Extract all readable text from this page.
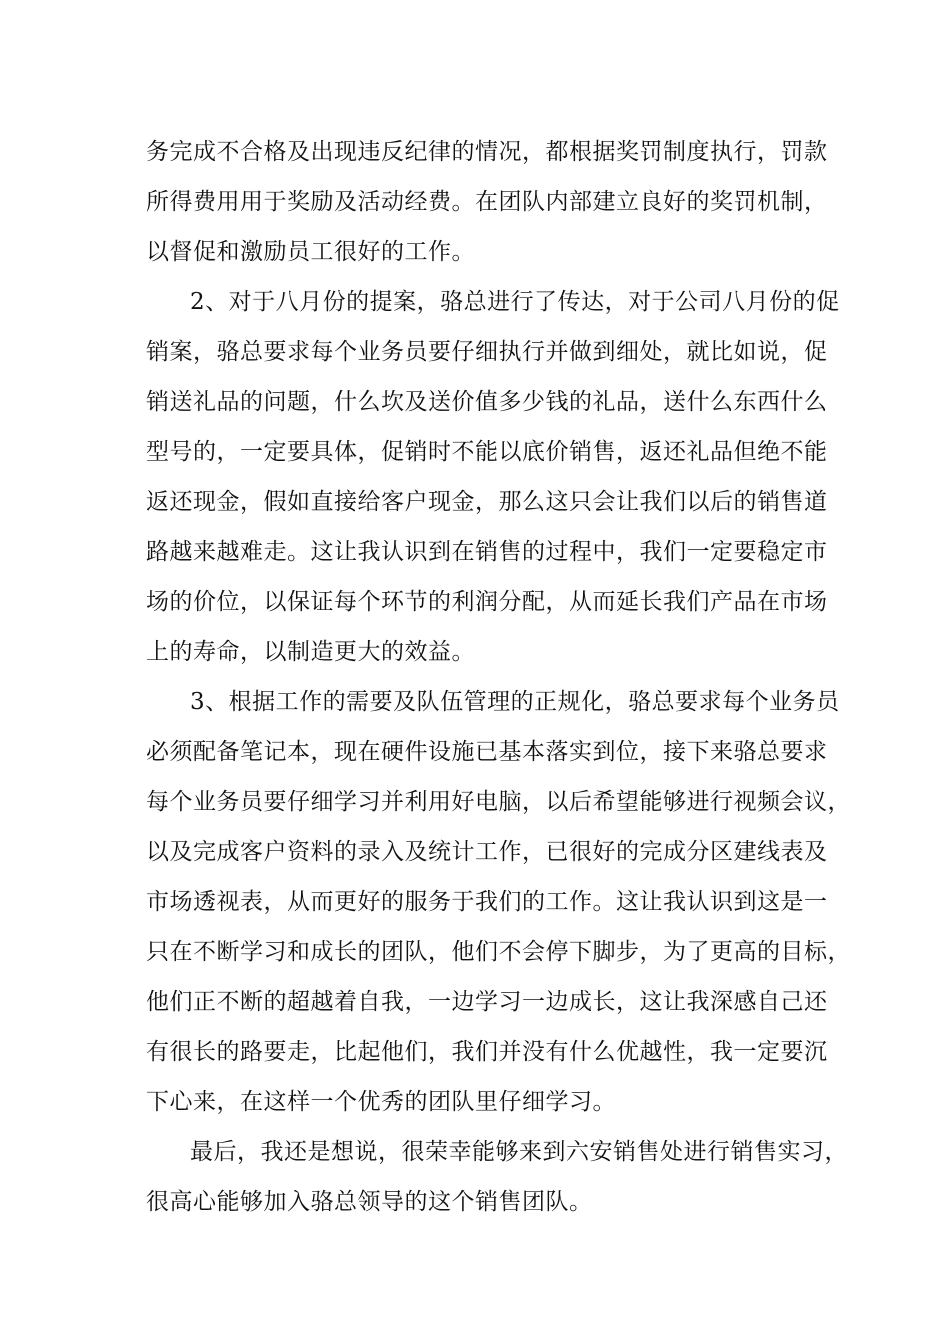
务完成不合格及出现违反纪律的情况，都根据奖罚制度执行，罚款
所得费用用于奖励及活动经费。在团队内部建立良好的奖罚机制，
以督促和激励员工很好的工作。
2、对于八月份的提案，骆总进行了传达，对于公司八月份的促
销案，骆总要求每个业务员要仔细执行并做到细处，就比如说，促
销送礼品的问题，什么坎及送价值多少钱的礼品，送什么东西什么
型号的，一定要具体，促销时不能以底价销售，返还礼品但绝不能
返还现金，假如直接给客户现金，那么这只会让我们以后的销售道
路越来越难走。这让我认识到在销售的过程中，我们一定要稳定市
场的价位，以保证每个环节的利润分配，从而延长我们产品在市场
上的寿命，以制造更大的效益。
3、根据工作的需要及队伍管理的正规化，骆总要求每个业务员
必须配备笔记本，现在硬件设施已基本落实到位，接下来骆总要求
每个业务员要仔细学习并利用好电脑，以后希望能够进行视频会议，
以及完成客户资料的录入及统计工作，已很好的完成分区建线表及
市场透视表，从而更好的服务于我们的工作。这让我认识到这是一
只在不断学习和成长的团队，他们不会停下脚步，为了更高的目标，
他们正不断的超越着自我，一边学习一边成长，这让我深感自己还
有很长的路要走，比起他们，我们并没有什么优越性，我一定要沉
下心来，在这样一个优秀的团队里仔细学习。
最后，我还是想说，很荣幸能够来到六安销售处进行销售实习，
很高心能够加入骆总领导的这个销售团队。
